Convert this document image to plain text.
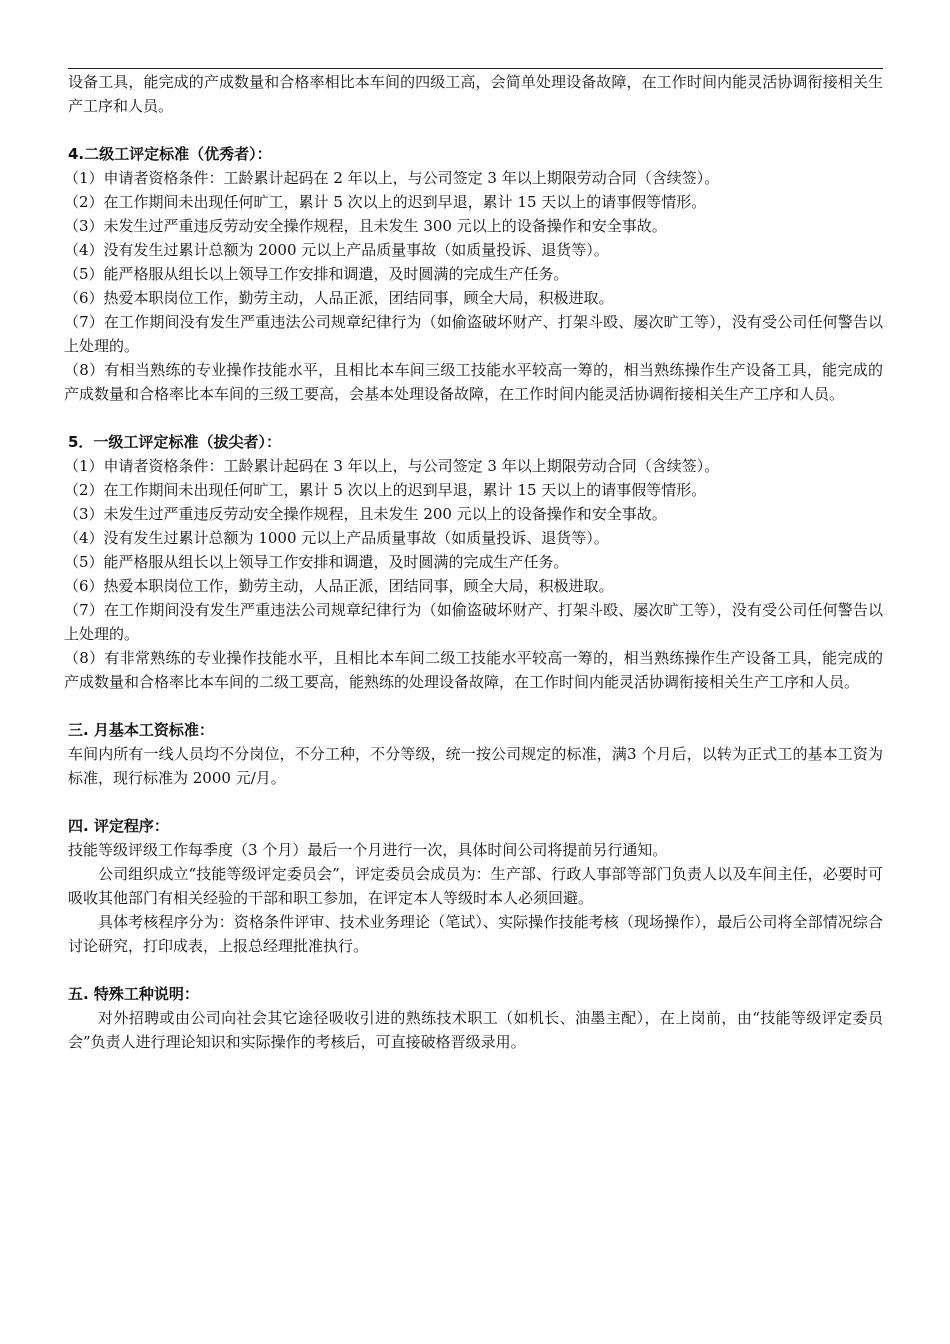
设备工具，能完成的产成数量和合格率相比本车间的四级工高，会简单处理设备故障，在工作时间内能灵活协调衔接相关生产工序和人员。

4.二级工评定标准（优秀者）：

（1）申请者资格条件：工龄累计起码在 2 年以上，与公司签定 3 年以上期限劳动合同（含续签）。

（2）在工作期间未出现任何旷工，累计 5 次以上的迟到早退，累计 15 天以上的请事假等情形。

（3）未发生过严重违反劳动安全操作规程，且未发生 300 元以上的设备操作和安全事故。

（4）没有发生过累计总额为 2000 元以上产品质量事故（如质量投诉、退货等）。

（5）能严格服从组长以上领导工作安排和调遣，及时圆满的完成生产任务。

（6）热爱本职岗位工作，勤劳主动，人品正派，团结同事，顾全大局，积极进取。

（7）在工作期间没有发生严重违法公司规章纪律行为（如偷盗破坏财产、打架斗殴、屡次旷工等），没有受公司任何警告以上处理的。

（8）有相当熟练的专业操作技能水平，且相比本车间三级工技能水平较高一筹的，相当熟练操作生产设备工具，能完成的产成数量和合格率比本车间的三级工要高，会基本处理设备故障，在工作时间内能灵活协调衔接相关生产工序和人员。

5．一级工评定标准（拔尖者）：

（1）申请者资格条件：工龄累计起码在 3 年以上，与公司签定 3 年以上期限劳动合同（含续签）。

（2）在工作期间未出现任何旷工，累计 5 次以上的迟到早退，累计 15 天以上的请事假等情形。

（3）未发生过严重违反劳动安全操作规程，且未发生 200 元以上的设备操作和安全事故。

（4）没有发生过累计总额为 1000 元以上产品质量事故（如质量投诉、退货等）。

（5）能严格服从组长以上领导工作安排和调遣，及时圆满的完成生产任务。

（6）热爱本职岗位工作，勤劳主动，人品正派，团结同事，顾全大局，积极进取。

（7）在工作期间没有发生严重违法公司规章纪律行为（如偷盗破坏财产、打架斗殴、屡次旷工等），没有受公司任何警告以上处理的。

（8）有非常熟练的专业操作技能水平，且相比本车间二级工技能水平较高一筹的，相当熟练操作生产设备工具，能完成的产成数量和合格率比本车间的二级工要高，能熟练的处理设备故障，在工作时间内能灵活协调衔接相关生产工序和人员。

三. 月基本工资标准：

车间内所有一线人员均不分岗位，不分工种，不分等级，统一按公司规定的标准，满3 个月后，以转为正式工的基本工资为标准，现行标准为 2000 元/月。

四. 评定程序：

技能等级评级工作每季度（3 个月）最后一个月进行一次，具体时间公司将提前另行通知。

公司组织成立“技能等级评定委员会”，评定委员会成员为：生产部、行政人事部等部门负责人以及车间主任，必要时可吸收其他部门有相关经验的干部和职工参加，在评定本人等级时本人必须回避。

具体考核程序分为：资格条件评审、技术业务理论（笔试）、实际操作技能考核（现场操作），最后公司将全部情况综合讨论研究，打印成表，上报总经理批准执行。

五. 特殊工种说明：

对外招聘或由公司向社会其它途径吸收引进的熟练技术职工（如机长、油墨主配），在上岗前，由“技能等级评定委员会”负责人进行理论知识和实际操作的考核后，可直接破格晋级录用。
